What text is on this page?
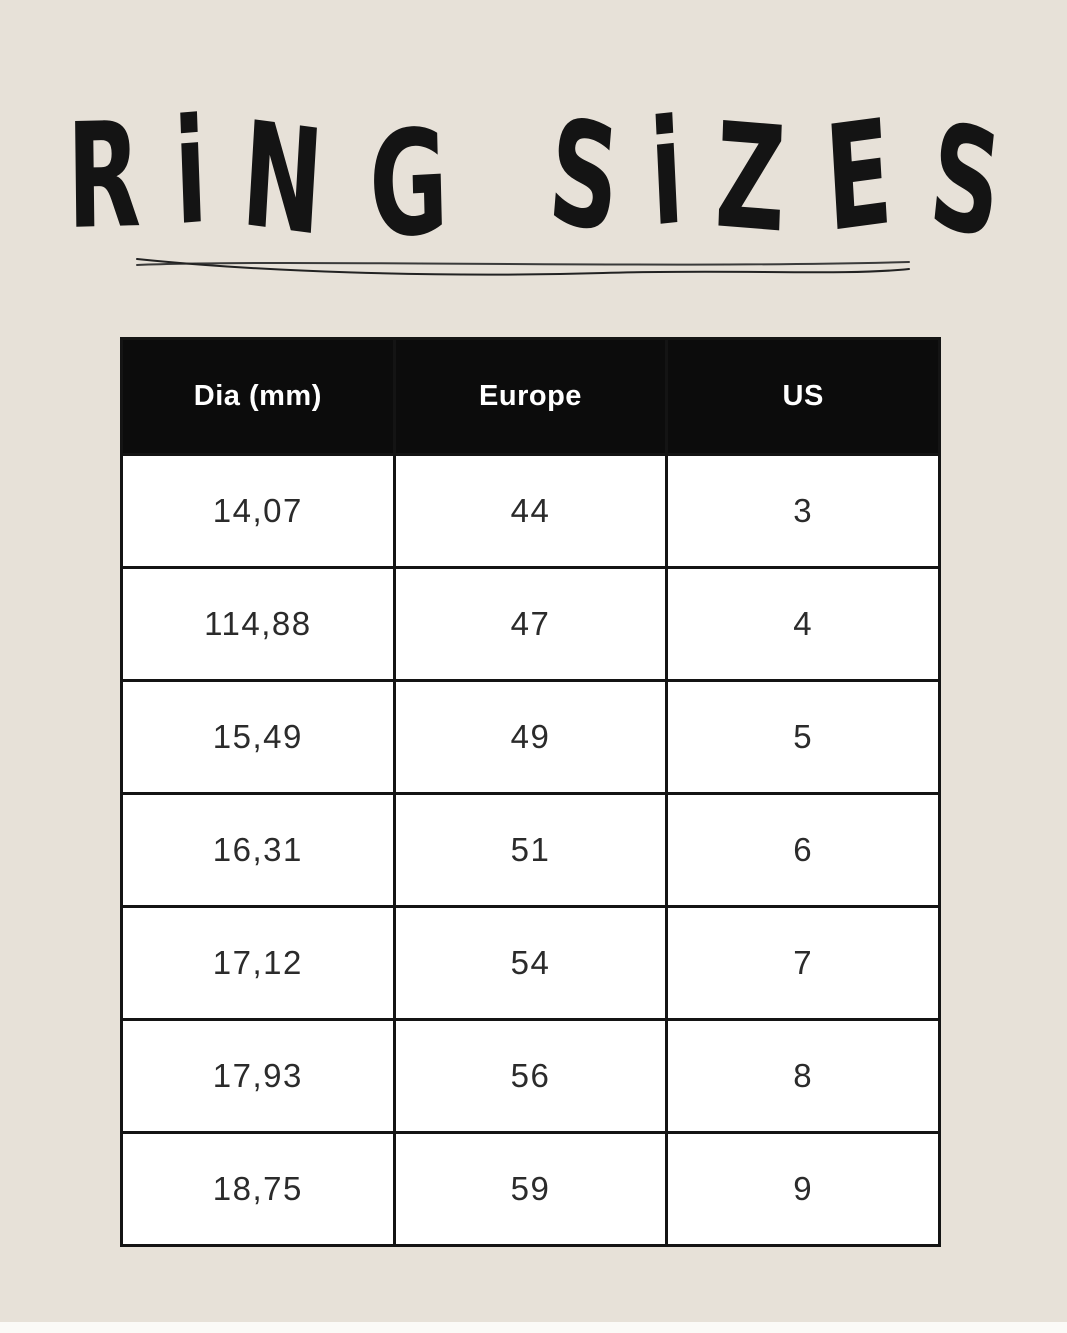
R i N G S i Z E S
Dia (mm)	Europe	US
14,07	44	3
114,88	47	4
15,49	49	5
16,31	51	6
17,12	54	7
17,93	56	8
18,75	59	9
